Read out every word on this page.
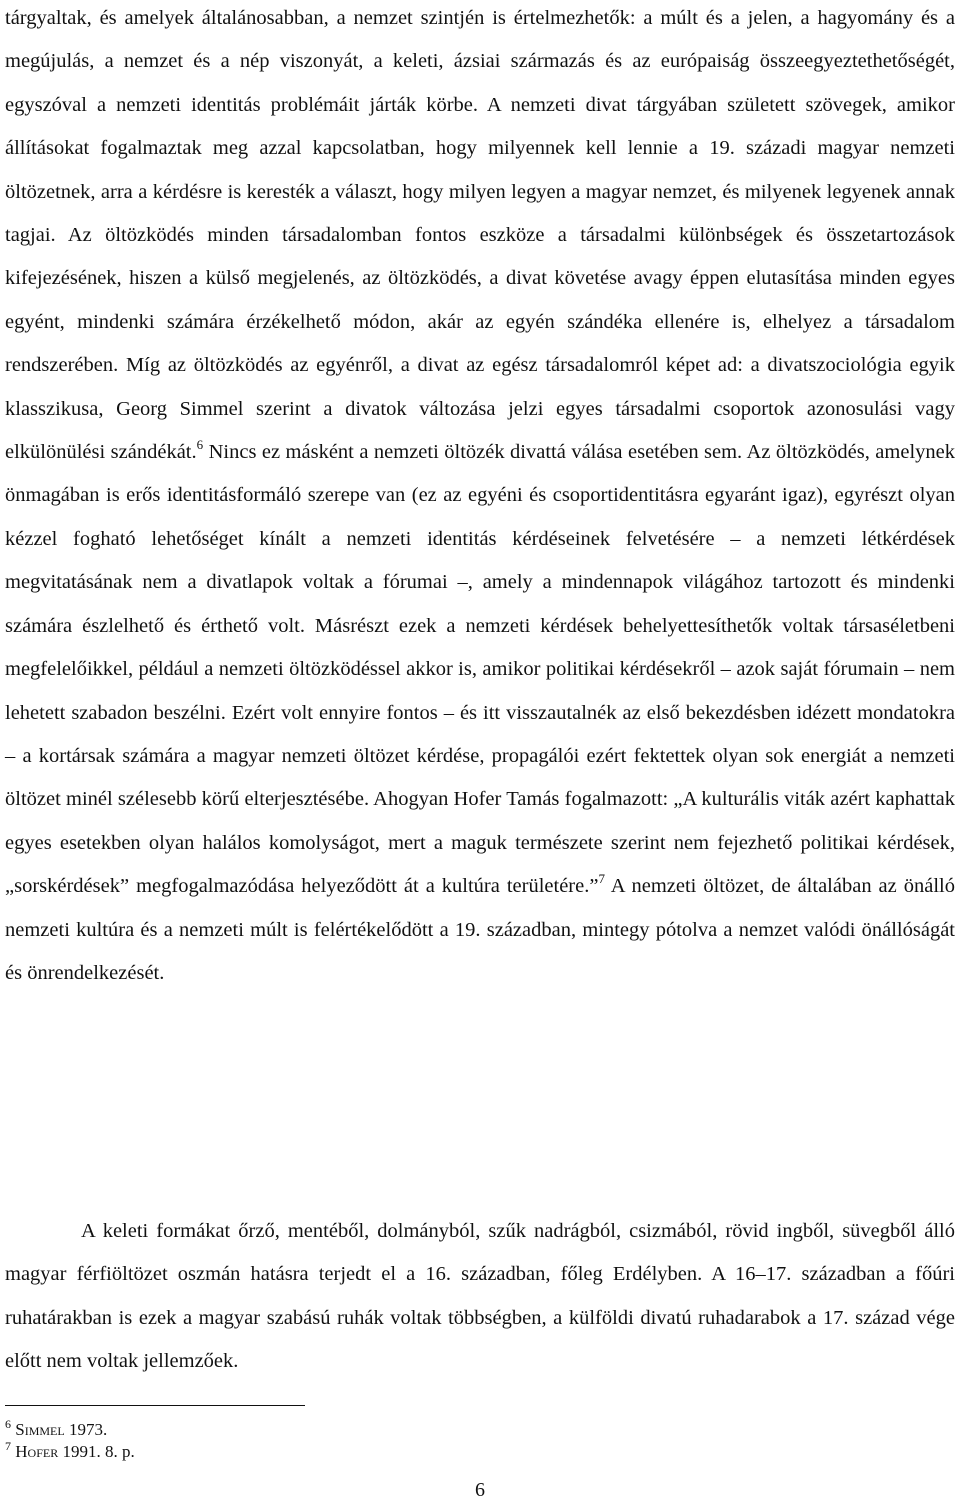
tárgyaltak, és amelyek általánosabban, a nemzet szintjén is értelmezhetők: a múlt és a jelen, a hagyomány és a megújulás, a nemzet és a nép viszonyát, a keleti, ázsiai származás és az európaiság összeegyeztethetőségét, egyszóval a nemzeti identitás problémáit járták körbe. A nemzeti divat tárgyában született szövegek, amikor állításokat fogalmaztak meg azzal kapcsolatban, hogy milyennek kell lennie a 19. századi magyar nemzeti öltözetnek, arra a kérdésre is keresték a választ, hogy milyen legyen a magyar nemzet, és milyenek legyenek annak tagjai. Az öltözködés minden társadalomban fontos eszköze a társadalmi különbségek és összetartozások kifejezésének, hiszen a külső megjelenés, az öltözködés, a divat követése avagy éppen elutasítása minden egyes egyént, mindenki számára érzékelhető módon, akár az egyén szándéka ellenére is, elhelyez a társadalom rendszerében. Míg az öltözködés az egyénről, a divat az egész társadalomról képet ad: a divatszociológia egyik klasszikusa, Georg Simmel szerint a divatok változása jelzi egyes társadalmi csoportok azonosulási vagy elkülönülési szándékát.$^6$ Nincs ez másként a nemzeti öltözék divattá válása esetében sem. Az öltözködés, amelynek önmagában is erős identitásformáló szerepe van (ez az egyéni és csoportidentitásra egyaránt igaz), egyrészt olyan kézzel fogható lehetőséget kínált a nemzeti identitás kérdéseinek felvetésére – a nemzeti létkérdések megvitatásának nem a divatlapok voltak a fórumai –, amely a mindennapok világához tartozott és mindenki számára észlelhető és érthető volt. Másrészt ezek a nemzeti kérdések behelyettesíthetők voltak társaséletbeni megfelelőikkel, például a nemzeti öltözködéssel akkor is, amikor politikai kérdésekről – azok saját fórumain – nem lehetett szabadon beszélni. Ezért volt ennyire fontos – és itt visszautalnék az első bekezdésben idézett mondatokra – a kortársak számára a magyar nemzeti öltözet kérdése, propagálói ezért fektettek olyan sok energiát a nemzeti öltözet minél szélesebb körű elterjesztésébe. Ahogyan Hofer Tamás fogalmazott: „A kulturális viták azért kaphattak egyes esetekben olyan halálos komolyságot, mert a maguk természete szerint nem fejezhető politikai kérdések, „sorskérdések” megfogalmazódása helyeződött át a kultúra területére.”$^7$ A nemzeti öltözet, de általában az önálló nemzeti kultúra és a nemzeti múlt is felértékelődött a 19. században, mintegy pótolva a nemzet valódi önállóságát és önrendelkezését.

A keleti formákat őrző, mentéből, dolmányból, szűk nadrágból, csizmából, rövid ingből, süvegből álló magyar férfiöltözet oszmán hatásra terjedt el a 16. században, főleg Erdélyben. A 16–17. században a főúri ruhatárakban is ezek a magyar szabású ruhák voltak többségben, a külföldi divatú ruhadarabok a 17. század vége előtt nem voltak jellemzőek.

$^6$ Simmel 1973.
$^7$ Hofer 1991. 8. p.
6
